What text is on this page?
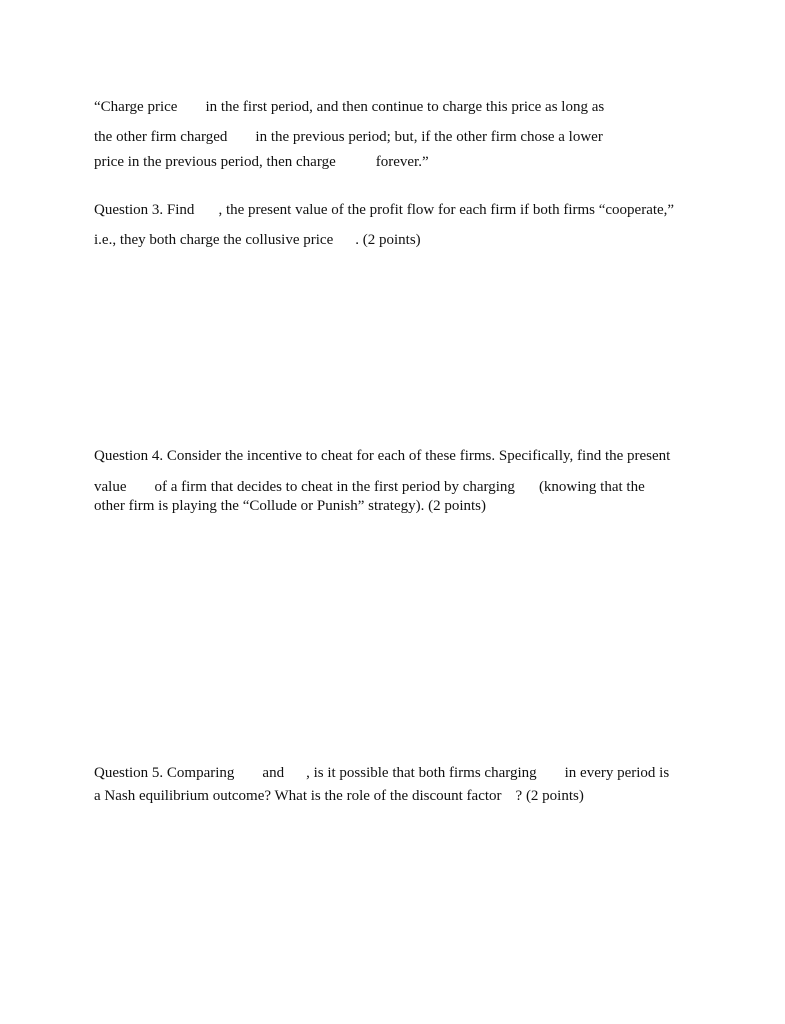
“Charge price in the first period, and then continue to charge this price as long as
the other firm charged in the previous period; but, if the other firm chose a lower
price in the previous period, then charge	forever.”
Question 3. Find , the present value of the profit flow for each firm if both firms “cooperate,”
i.e., they both charge the collusive price . (2 points)
Question 4. Consider the incentive to cheat for each of these firms. Specifically, find the present
value of a firm that decides to cheat in the first period by charging (knowing that the
other firm is playing the “Collude or Punish” strategy). (2 points)
Question 5. Comparing and , is it possible that both firms charging in every period is
a Nash equilibrium outcome? What is the role of the discount factor ? (2 points)
